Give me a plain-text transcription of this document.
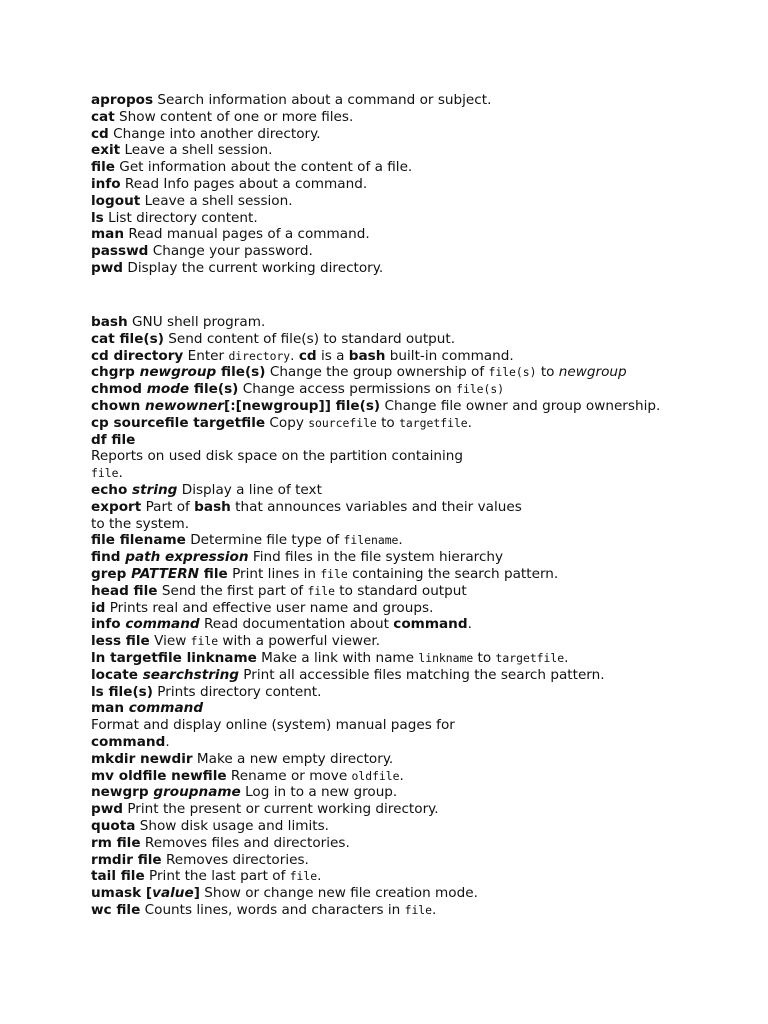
apropos Search information about a command or subject.
cat Show content of one or more files.
cd Change into another directory.
exit Leave a shell session.
file Get information about the content of a file.
info Read Info pages about a command.
logout Leave a shell session.
ls List directory content.
man Read manual pages of a command.
passwd Change your password.
pwd Display the current working directory.
bash GNU shell program.
cat file(s) Send content of file(s) to standard output.
cd directory Enter directory. cd is a bash built-in command.
chgrp newgroup file(s) Change the group ownership of file(s) to newgroup
chmod mode file(s) Change access permissions on file(s)
chown newowner[:[newgroup]] file(s) Change file owner and group ownership.
cp sourcefile targetfile Copy sourcefile to targetfile.
df file
Reports on used disk space on the partition containing
file.
echo string Display a line of text
export Part of bash that announces variables and their values
to the system.
file filename Determine file type of filename.
find path expression Find files in the file system hierarchy
grep PATTERN file Print lines in file containing the search pattern.
head file Send the first part of file to standard output
id Prints real and effective user name and groups.
info command Read documentation about command.
less file View file with a powerful viewer.
ln targetfile linkname Make a link with name linkname to targetfile.
locate searchstring Print all accessible files matching the search pattern.
ls file(s) Prints directory content.
man command
Format and display online (system) manual pages for
command.
mkdir newdir Make a new empty directory.
mv oldfile newfile Rename or move oldfile.
newgrp groupname Log in to a new group.
pwd Print the present or current working directory.
quota Show disk usage and limits.
rm file Removes files and directories.
rmdir file Removes directories.
tail file Print the last part of file.
umask [value] Show or change new file creation mode.
wc file Counts lines, words and characters in file.
